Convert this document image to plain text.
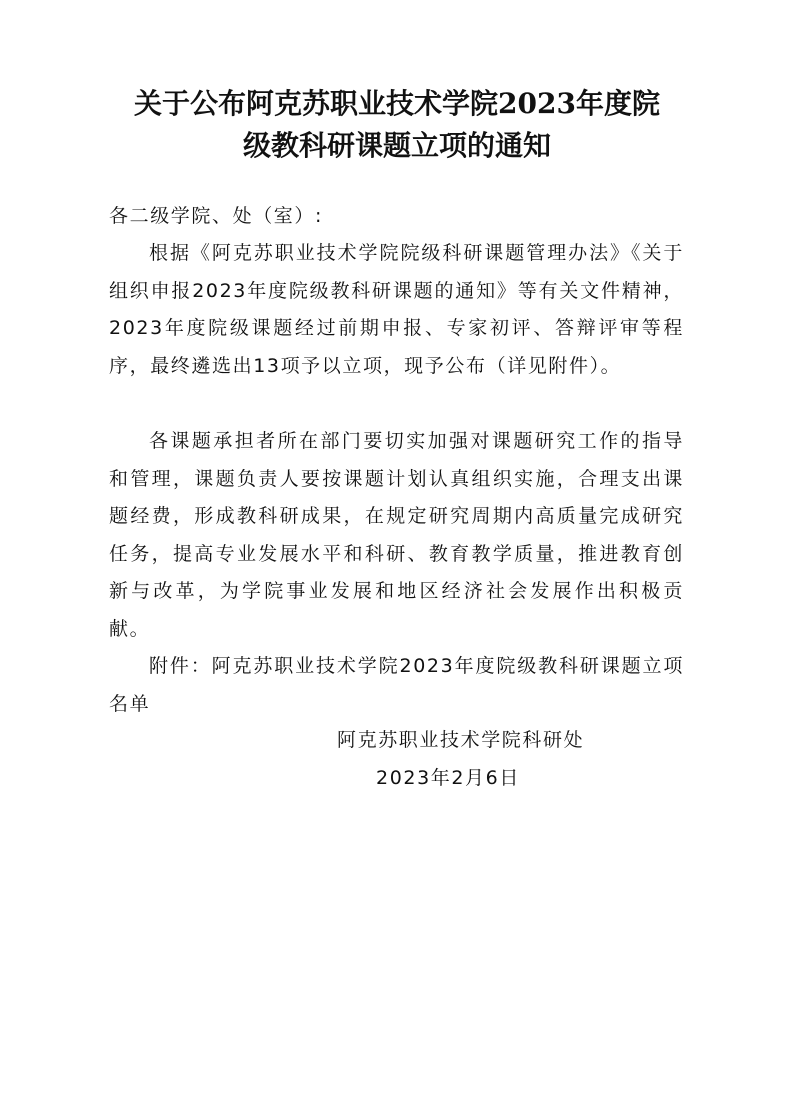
关于公布阿克苏职业技术学院2023年度院
级教科研课题立项的通知

各二级学院、处（室）:

根据《阿克苏职业技术学院院级科研课题管理办法》《关于组织申报2023年度院级教科研课题的通知》等有关文件精神，2023年度院级课题经过前期申报、专家初评、答辩评审等程序，最终遴选出13项予以立项，现予公布（详见附件）。

各课题承担者所在部门要切实加强对课题研究工作的指导和管理，课题负责人要按课题计划认真组织实施，合理支出课题经费，形成教科研成果，在规定研究周期内高质量完成研究任务，提高专业发展水平和科研、教育教学质量，推进教育创新与改革，为学院事业发展和地区经济社会发展作出积极贡献。

附件：阿克苏职业技术学院2023年度院级教科研课题立项名单

阿克苏职业技术学院科研处

2023年2月6日
